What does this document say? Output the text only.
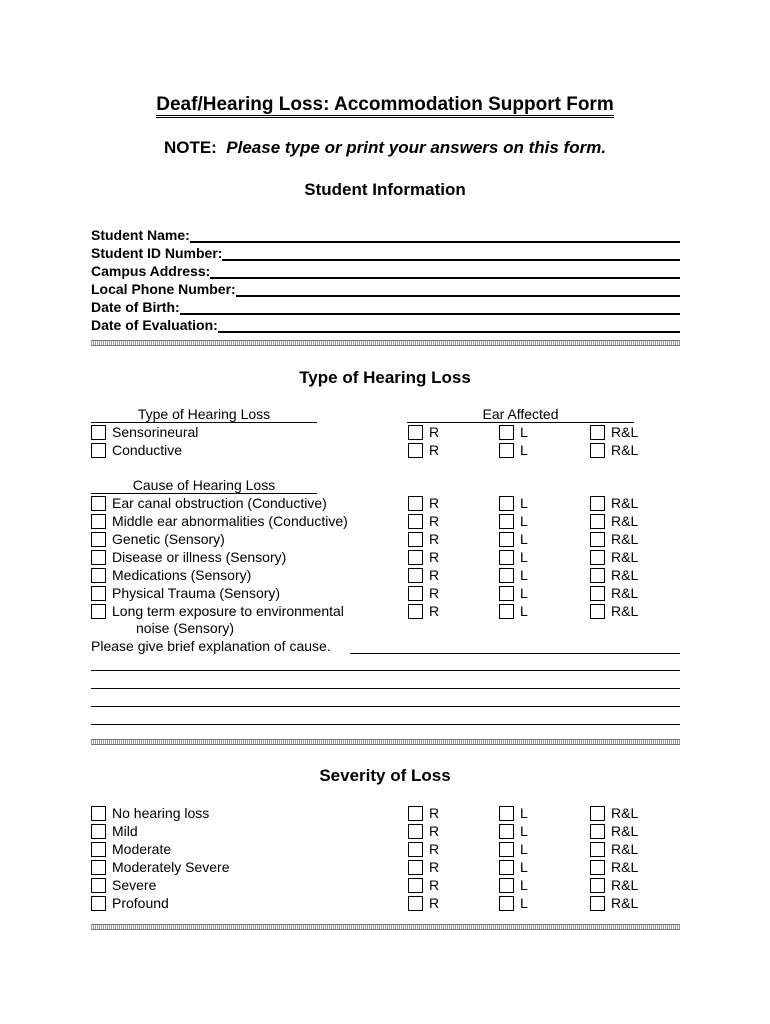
Deaf/Hearing Loss: Accommodation Support Form
NOTE: Please type or print your answers on this form.
Student Information
Student Name:
Student ID Number:
Campus Address:
Local Phone Number:
Date of Birth:
Date of Evaluation:
Type of Hearing Loss
Type of Hearing Loss	Ear Affected
Sensorineural	R	L	R&L
Conductive	R	L	R&L
Cause of Hearing Loss
Ear canal obstruction (Conductive)	R	L	R&L
Middle ear abnormalities (Conductive)	R	L	R&L
Genetic (Sensory)	R	L	R&L
Disease or illness (Sensory)	R	L	R&L
Medications (Sensory)	R	L	R&L
Physical Trauma (Sensory)	R	L	R&L
Long term exposure to environmental	R	L	R&L
noise (Sensory)
Please give brief explanation of cause.
Severity of Loss
No hearing loss	R	L	R&L
Mild	R	L	R&L
Moderate	R	L	R&L
Moderately Severe	R	L	R&L
Severe	R	L	R&L
Profound	R	L	R&L
